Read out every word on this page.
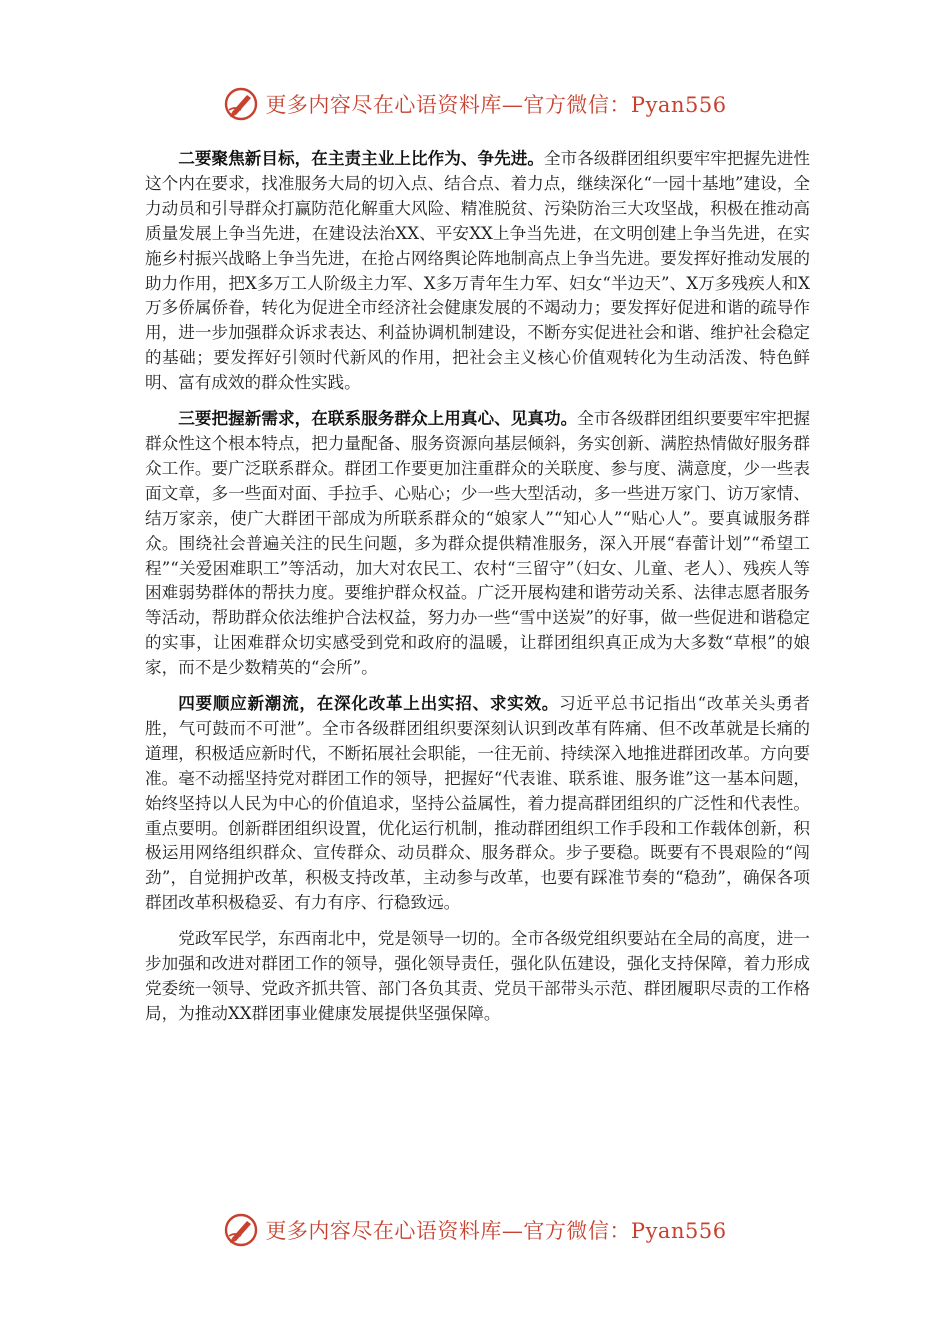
更多内容尽在心语资料库—官方微信：Pyan556

二要聚焦新目标，在主责主业上比作为、争先进。全市各级群团组织要牢牢把握先进性这个内在要求，找准服务大局的切入点、结合点、着力点，继续深化“一园十基地”建设，全力动员和引导群众打赢防范化解重大风险、精准脱贫、污染防治三大攻坚战，积极在推动高质量发展上争当先进，在建设法治XX、平安XX上争当先进，在文明创建上争当先进，在实施乡村振兴战略上争当先进，在抢占网络舆论阵地制高点上争当先进。要发挥好推动发展的助力作用，把X多万工人阶级主力军、X多万青年生力军、妇女“半边天”、X万多残疾人和X万多侨属侨眷，转化为促进全市经济社会健康发展的不竭动力；要发挥好促进和谐的疏导作用，进一步加强群众诉求表达、利益协调机制建设，不断夯实促进社会和谐、维护社会稳定的基础；要发挥好引领时代新风的作用，把社会主义核心价值观转化为生动活泼、特色鲜明、富有成效的群众性实践。

三要把握新需求，在联系服务群众上用真心、见真功。全市各级群团组织要要牢牢把握群众性这个根本特点，把力量配备、服务资源向基层倾斜，务实创新、满腔热情做好服务群众工作。要广泛联系群众。群团工作要更加注重群众的关联度、参与度、满意度，少一些表面文章，多一些面对面、手拉手、心贴心；少一些大型活动，多一些进万家门、访万家情、结万家亲，使广大群团干部成为所联系群众的“娘家人”“知心人”“贴心人”。要真诚服务群众。围绕社会普遍关注的民生问题，多为群众提供精准服务，深入开展“春蕾计划”“希望工程”“关爱困难职工”等活动，加大对农民工、农村“三留守”（妇女、儿童、老人）、残疾人等困难弱势群体的帮扶力度。要维护群众权益。广泛开展构建和谐劳动关系、法律志愿者服务等活动，帮助群众依法维护合法权益，努力办一些“雪中送炭”的好事，做一些促进和谐稳定的实事，让困难群众切实感受到党和政府的温暖，让群团组织真正成为大多数“草根”的娘家，而不是少数精英的“会所”。

四要顺应新潮流，在深化改革上出实招、求实效。习近平总书记指出“改革关头勇者胜，气可鼓而不可泄”。全市各级群团组织要深刻认识到改革有阵痛、但不改革就是长痛的道理，积极适应新时代，不断拓展社会职能，一往无前、持续深入地推进群团改革。方向要准。毫不动摇坚持党对群团工作的领导，把握好“代表谁、联系谁、服务谁”这一基本问题，始终坚持以人民为中心的价值追求，坚持公益属性，着力提高群团组织的广泛性和代表性。重点要明。创新群团组织设置，优化运行机制，推动群团组织工作手段和工作载体创新，积极运用网络组织群众、宣传群众、动员群众、服务群众。步子要稳。既要有不畏艰险的“闯劲”，自觉拥护改革，积极支持改革，主动参与改革，也要有踩准节奏的“稳劲”，确保各项群团改革积极稳妥、有力有序、行稳致远。

党政军民学，东西南北中，党是领导一切的。全市各级党组织要站在全局的高度，进一步加强和改进对群团工作的领导，强化领导责任，强化队伍建设，强化支持保障，着力形成党委统一领导、党政齐抓共管、部门各负其责、党员干部带头示范、群团履职尽责的工作格局，为推动XX群团事业健康发展提供坚强保障。

更多内容尽在心语资料库—官方微信：Pyan556
